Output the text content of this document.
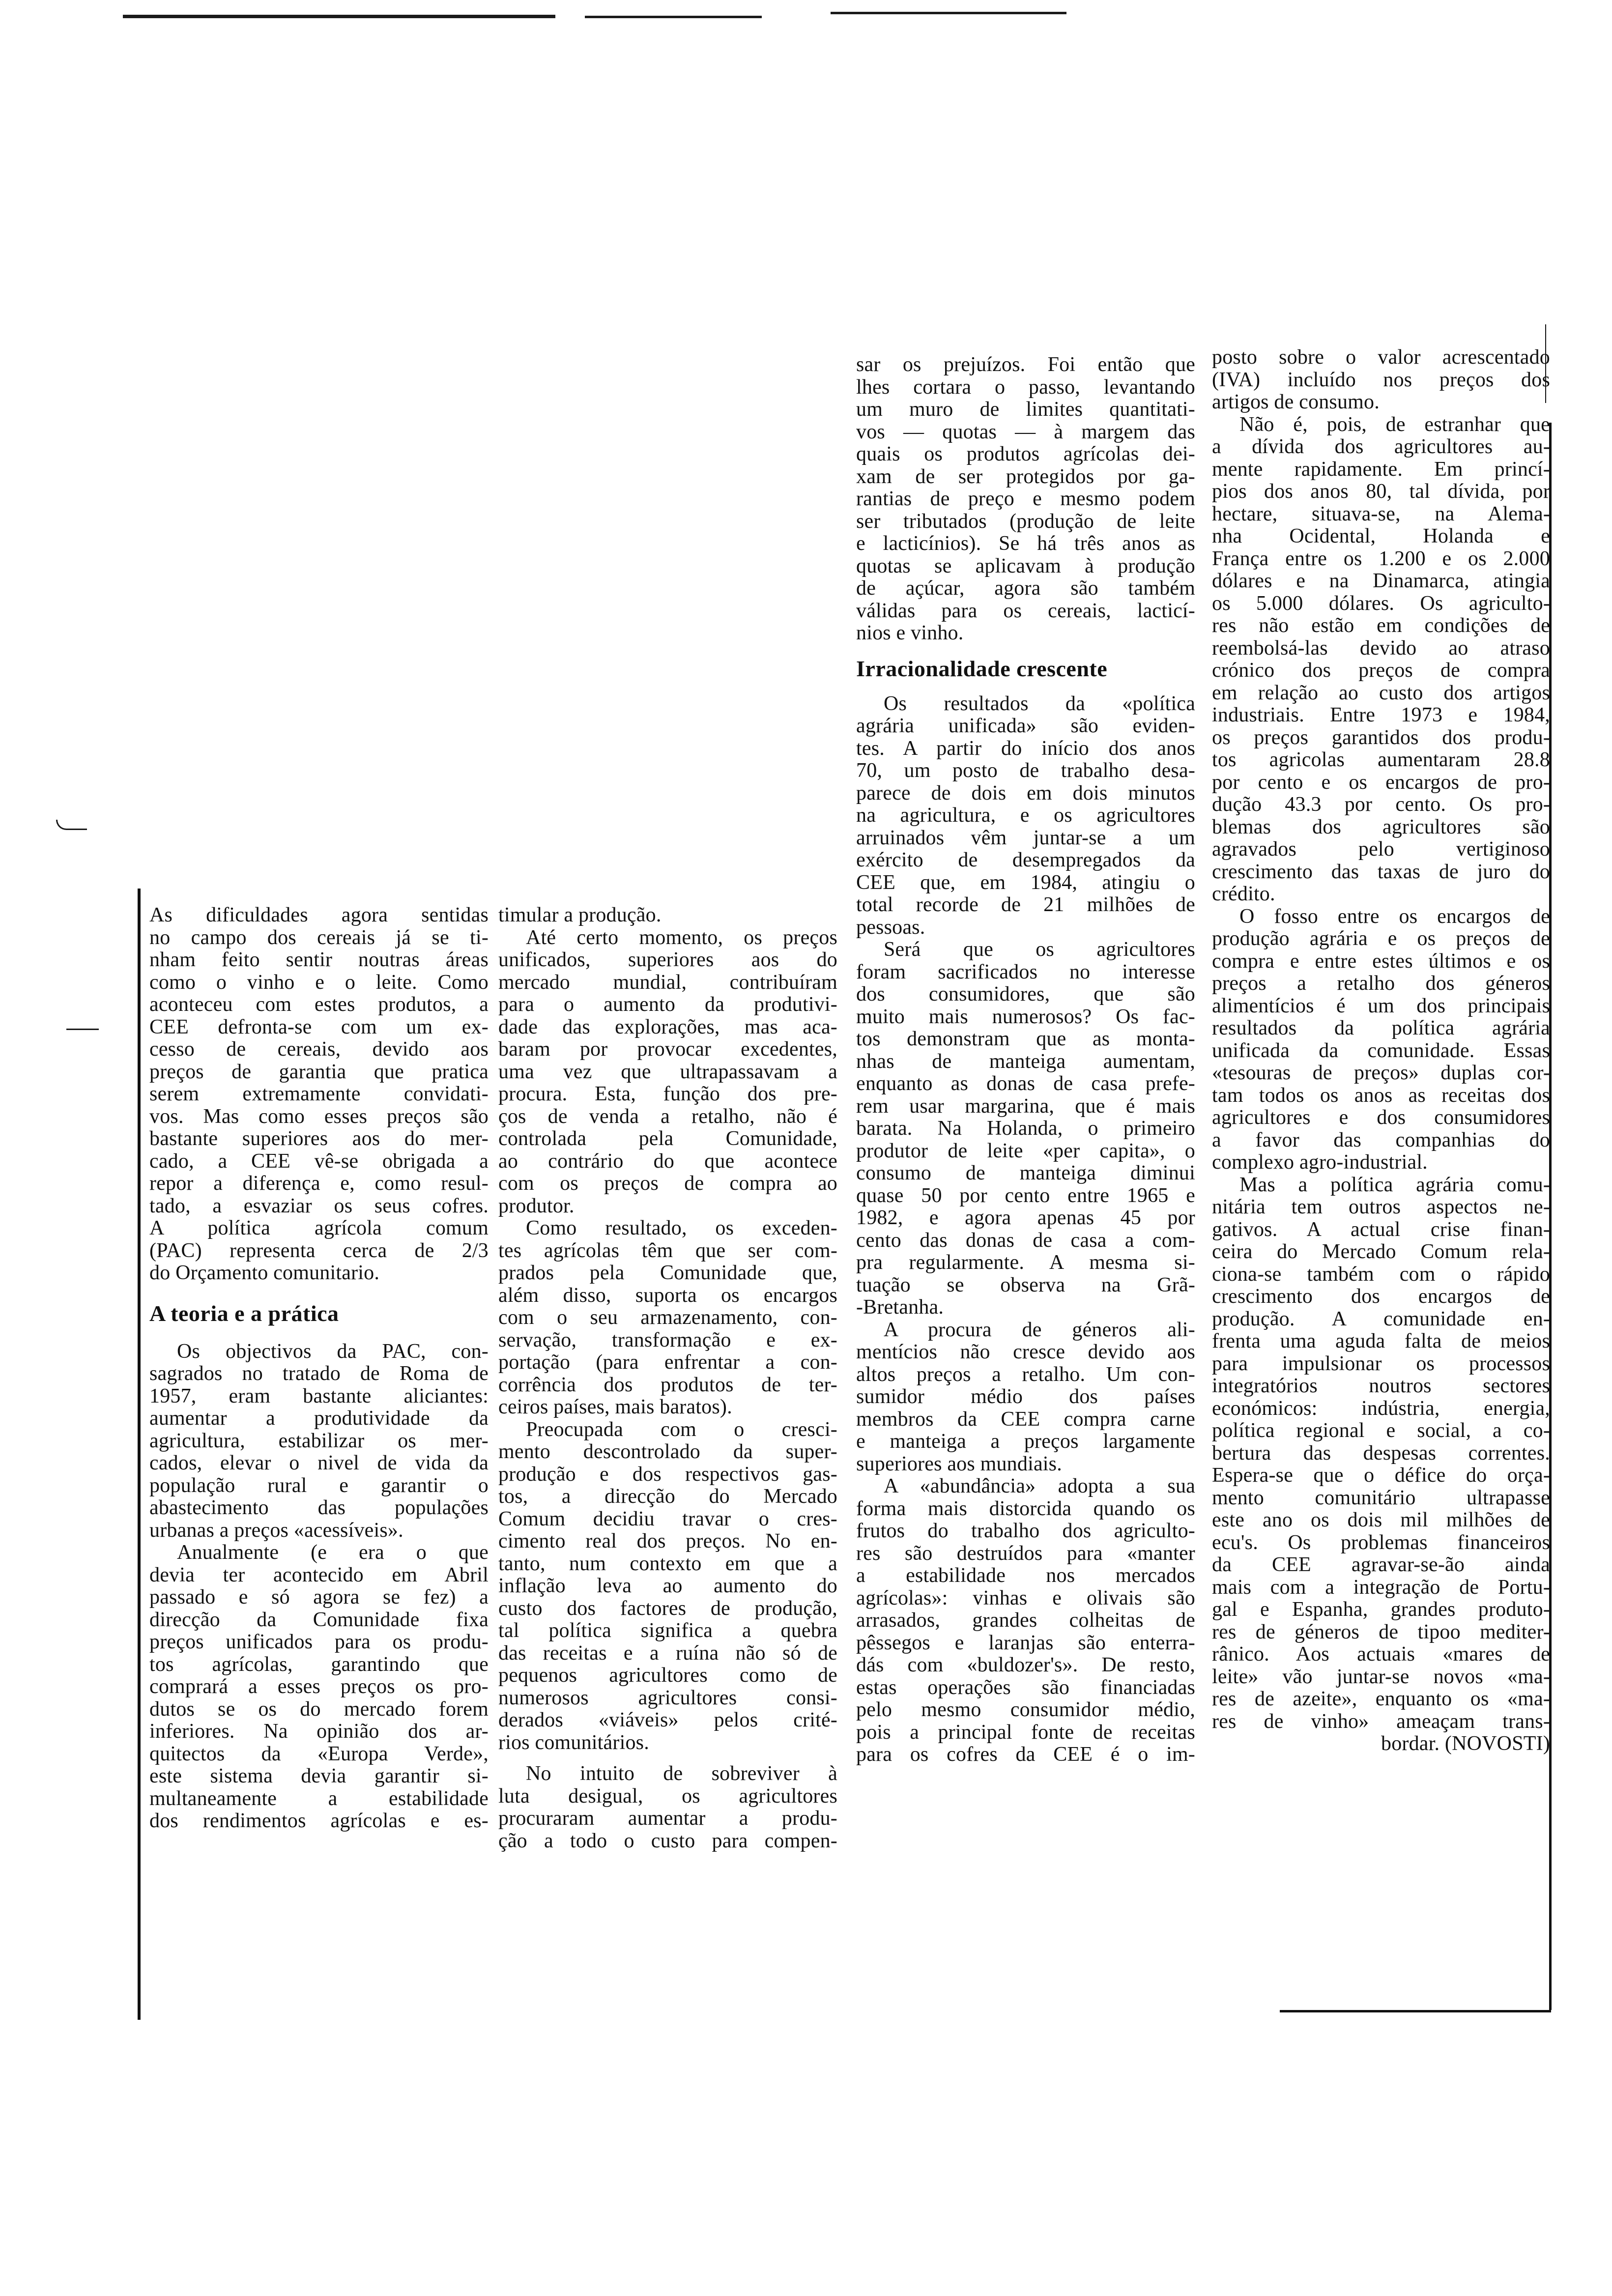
As dificuldades agora sentidas
no campo dos cereais já se ti-
nham feito sentir noutras áreas
como o vinho e o leite. Como
aconteceu com estes produtos, a
CEE defronta-se com um ex-
cesso de cereais, devido aos
preços de garantia que pratica
serem extremamente convidati-
vos. Mas como esses preços são
bastante superiores aos do mer-
cado, a CEE vê-se obrigada a
repor a diferença e, como resul-
tado, a esvaziar os seus cofres.
A política agrícola comum
(PAC) representa cerca de 2/3
do Orçamento comunitario.
A teoria e a prática
Os objectivos da PAC, con-
sagrados no tratado de Roma de
1957, eram bastante aliciantes:
aumentar a produtividade da
agricultura, estabilizar os mer-
cados, elevar o nivel de vida da
população rural e garantir o
abastecimento das populações
urbanas a preços «acessíveis».
Anualmente (e era o que
devia ter acontecido em Abril
passado e só agora se fez) a
direcção da Comunidade fixa
preços unificados para os produ-
tos agrícolas, garantindo que
comprará a esses preços os pro-
dutos se os do mercado forem
inferiores. Na opinião dos ar-
quitectos da «Europa Verde»,
este sistema devia garantir si-
multaneamente a estabilidade
dos rendimentos agrícolas e es-
timular a produção.
Até certo momento, os preços
unificados, superiores aos do
mercado mundial, contribuíram
para o aumento da produtivi-
dade das explorações, mas aca-
baram por provocar excedentes,
uma vez que ultrapassavam a
procura. Esta, função dos pre-
ços de venda a retalho, não é
controlada pela Comunidade,
ao contrário do que acontece
com os preços de compra ao
produtor.
Como resultado, os exceden-
tes agrícolas têm que ser com-
prados pela Comunidade que,
além disso, suporta os encargos
com o seu armazenamento, con-
servação, transformação e ex-
portação (para enfrentar a con-
corrência dos produtos de ter-
ceiros países, mais baratos).
Preocupada com o cresci-
mento descontrolado da super-
produção e dos respectivos gas-
tos, a direcção do Mercado
Comum decidiu travar o cres-
cimento real dos preços. No en-
tanto, num contexto em que a
inflação leva ao aumento do
custo dos factores de produção,
tal política significa a quebra
das receitas e a ruína não só de
pequenos agricultores como de
numerosos agricultores consi-
derados «viáveis» pelos crité-
rios comunitários.
No intuito de sobreviver à
luta desigual, os agricultores
procuraram aumentar a produ-
ção a todo o custo para compen-
sar os prejuízos. Foi então que
lhes cortara o passo, levantando
um muro de limites quantitati-
vos — quotas — à margem das
quais os produtos agrícolas dei-
xam de ser protegidos por ga-
rantias de preço e mesmo podem
ser tributados (produção de leite
e lacticínios). Se há três anos as
quotas se aplicavam à produção
de açúcar, agora são também
válidas para os cereais, lacticí-
nios e vinho.
Irracionalidade crescente
Os resultados da «política
agrária unificada» são eviden-
tes. A partir do início dos anos
70, um posto de trabalho desa-
parece de dois em dois minutos
na agricultura, e os agricultores
arruinados vêm juntar-se a um
exército de desempregados da
CEE que, em 1984, atingiu o
total recorde de 21 milhões de
pessoas.
Será que os agricultores
foram sacrificados no interesse
dos consumidores, que são
muito mais numerosos? Os fac-
tos demonstram que as monta-
nhas de manteiga aumentam,
enquanto as donas de casa prefe-
rem usar margarina, que é mais
barata. Na Holanda, o primeiro
produtor de leite «per capita», o
consumo de manteiga diminui
quase 50 por cento entre 1965 e
1982, e agora apenas 45 por
cento das donas de casa a com-
pra regularmente. A mesma si-
tuação se observa na Grã-
-Bretanha.
A procura de géneros ali-
mentícios não cresce devido aos
altos preços a retalho. Um con-
sumidor médio dos países
membros da CEE compra carne
e manteiga a preços largamente
superiores aos mundiais.
A «abundância» adopta a sua
forma mais distorcida quando os
frutos do trabalho dos agriculto-
res são destruídos para «manter
a estabilidade nos mercados
agrícolas»: vinhas e olivais são
arrasados, grandes colheitas de
pêssegos e laranjas são enterra-
dás com «buldozer's». De resto,
estas operações são financiadas
pelo mesmo consumidor médio,
pois a principal fonte de receitas
para os cofres da CEE é o im-
posto sobre o valor acrescentado
(IVA) incluído nos preços dos
artigos de consumo.
Não é, pois, de estranhar que
a dívida dos agricultores au-
mente rapidamente. Em princí-
pios dos anos 80, tal dívida, por
hectare, situava-se, na Alema-
nha Ocidental, Holanda e
França entre os 1.200 e os 2.000
dólares e na Dinamarca, atingia
os 5.000 dólares. Os agriculto-
res não estão em condições de
reembolsá-las devido ao atraso
crónico dos preços de compra
em relação ao custo dos artigos
industriais. Entre 1973 e 1984,
os preços garantidos dos produ-
tos agricolas aumentaram 28.8
por cento e os encargos de pro-
dução 43.3 por cento. Os pro-
blemas dos agricultores são
agravados pelo vertiginoso
crescimento das taxas de juro do
crédito.
O fosso entre os encargos de
produção agrária e os preços de
compra e entre estes últimos e os
preços a retalho dos géneros
alimentícios é um dos principais
resultados da política agrária
unificada da comunidade. Essas
«tesouras de preços» duplas cor-
tam todos os anos as receitas dos
agricultores e dos consumidores
a favor das companhias do
complexo agro-industrial.
Mas a política agrária comu-
nitária tem outros aspectos ne-
gativos. A actual crise finan-
ceira do Mercado Comum rela-
ciona-se também com o rápido
crescimento dos encargos de
produção. A comunidade en-
frenta uma aguda falta de meios
para impulsionar os processos
integratórios noutros sectores
económicos: indústria, energia,
política regional e social, a co-
bertura das despesas correntes.
Espera-se que o défice do orça-
mento comunitário ultrapasse
este ano os dois mil milhões de
ecu's. Os problemas financeiros
da CEE agravar-se-ão ainda
mais com a integração de Portu-
gal e Espanha, grandes produto-
res de géneros de tipoo mediter-
rânico. Aos actuais «mares de
leite» vão juntar-se novos «ma-
res de azeite», enquanto os «ma-
res de vinho» ameaçam trans-
bordar. (NOVOSTI)
